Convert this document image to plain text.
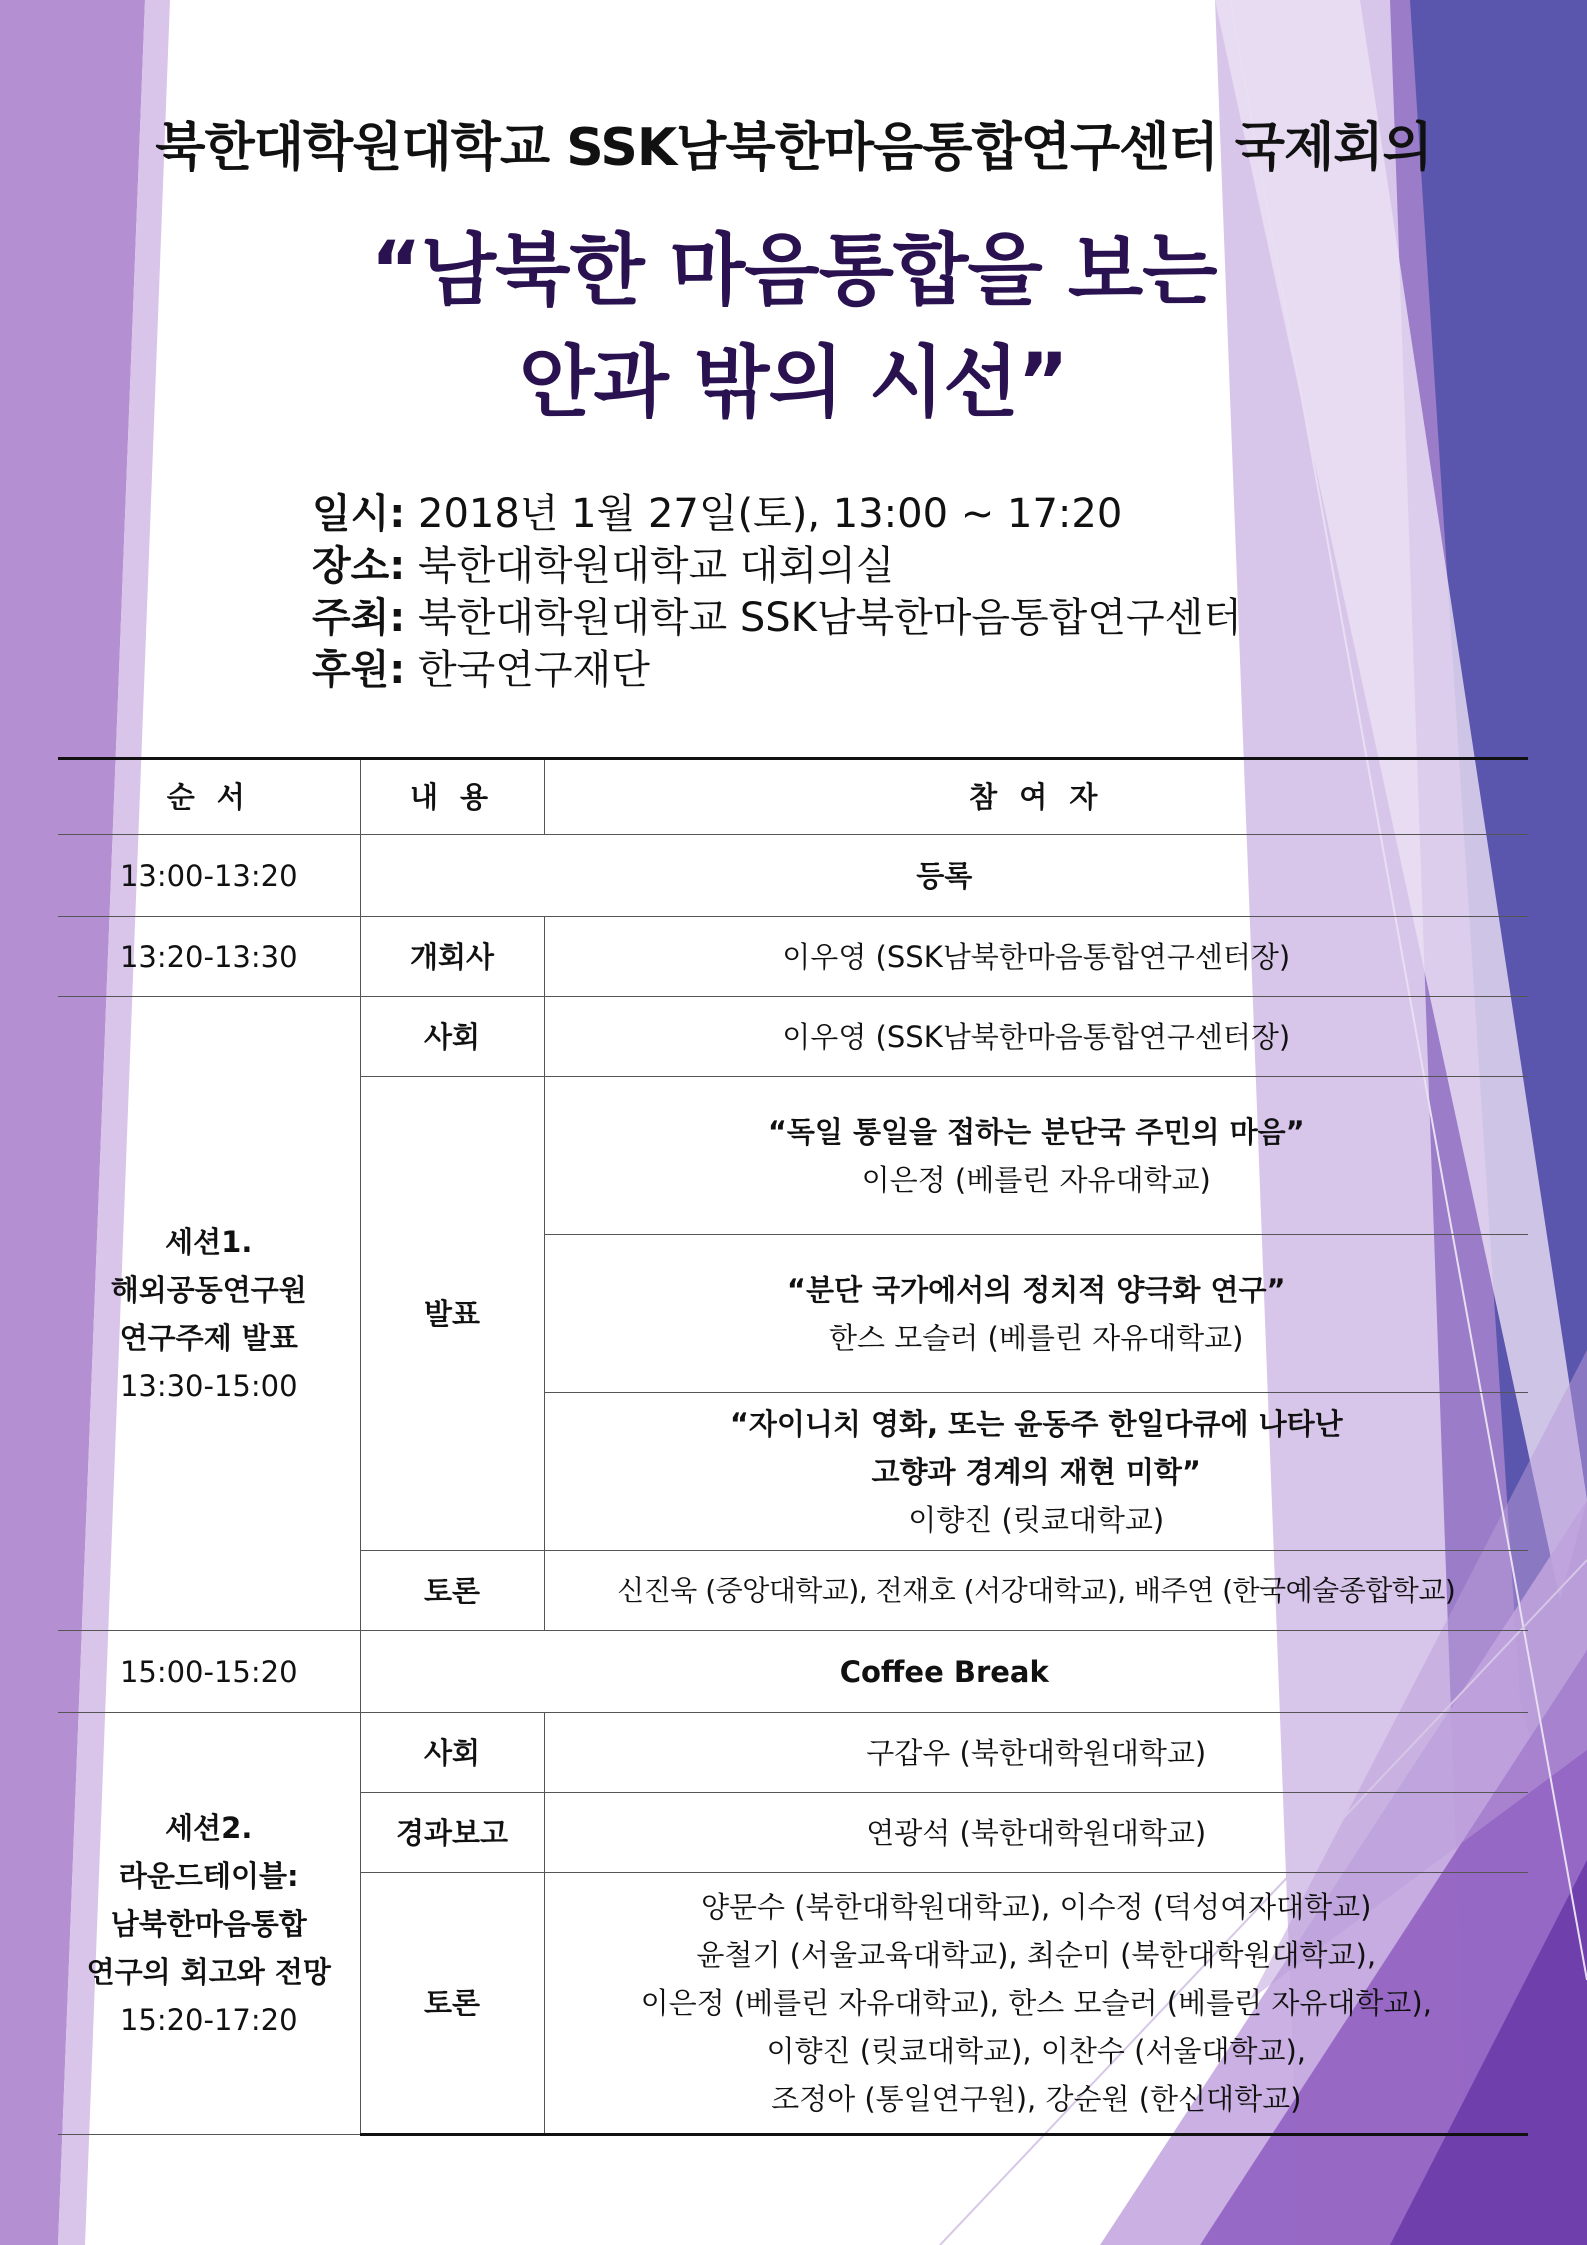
북한대학원대학교 SSK남북한마음통합연구센터 국제회의
“남북한 마음통합을 보는
안과 밖의 시선”
일시: 2018년 1월 27일(토), 13:00 ~ 17:20
장소: 북한대학원대학교 대회의실
주최: 북한대학원대학교 SSK남북한마음통합연구센터
후원: 한국연구재단
순 서	내 용	참 여 자
13:00-13:20	등록	
13:20-13:30	개회사	이우영 (SSK남북한마음통합연구센터장)

세션1.
해외공동연구원
연구주제 발표
13:30-15:00	사회	이우영 (SSK남북한마음통합연구센터장)
	발표	“독일 통일을 접하는 분단국 주민의 마음”
이은정 (베를린 자유대학교)

		“분단 국가에서의 정치적 양극화 연구”
한스 모슬러 (베를린 자유대학교)

		“자이니치 영화, 또는 윤동주 한일다큐에 나타난
고향과 경계의 재현 미학”
이향진 (릿쿄대학교)

	토론	신진욱 (중앙대학교), 전재호 (서강대학교), 배주연 (한국예술종합학교)
15:00-15:20	Coffee Break	

세션2.
라운드테이블:
남북한마음통합
연구의 회고와 전망
15:20-17:20	사회	구갑우 (북한대학원대학교)
	경과보고	연광석 (북한대학원대학교)
	토론	양문수 (북한대학원대학교), 이수정 (덕성여자대학교)
윤철기 (서울교육대학교), 최순미 (북한대학원대학교),
이은정 (베를린 자유대학교), 한스 모슬러 (베를린 자유대학교),
이향진 (릿쿄대학교), 이찬수 (서울대학교),
조정아 (통일연구원), 강순원 (한신대학교)
